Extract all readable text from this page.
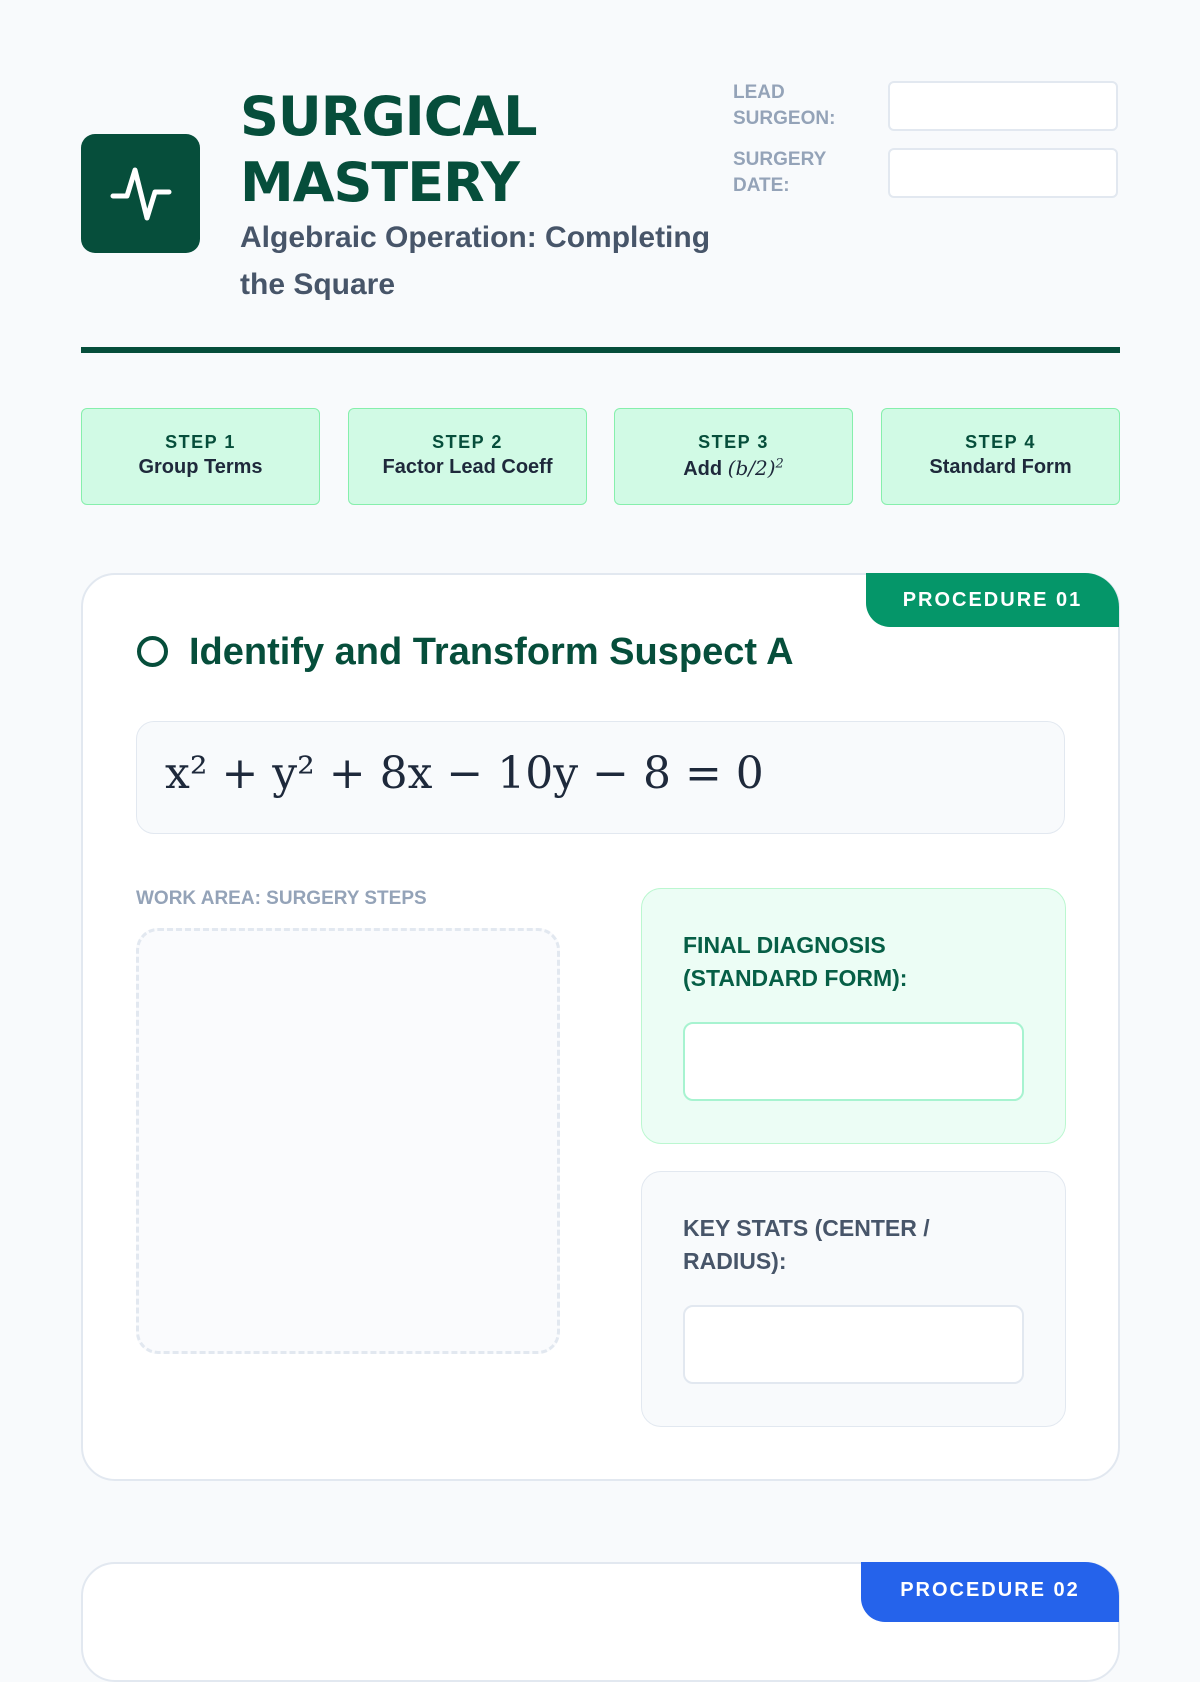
SURGICAL MASTERY
Algebraic Operation: Completing the Square
LEAD SURGEON:
SURGERY DATE:
STEP 1
Group Terms
STEP 2
Factor Lead Coeff
STEP 3
Add $(b/2)^2$
STEP 4
Standard Form
PROCEDURE 01
Identify and Transform Suspect A
x² + y² + 8x − 10y − 8 = 0
WORK AREA: SURGERY STEPS
FINAL DIAGNOSIS (STANDARD FORM):
KEY STATS (CENTER / RADIUS):
PROCEDURE 02
